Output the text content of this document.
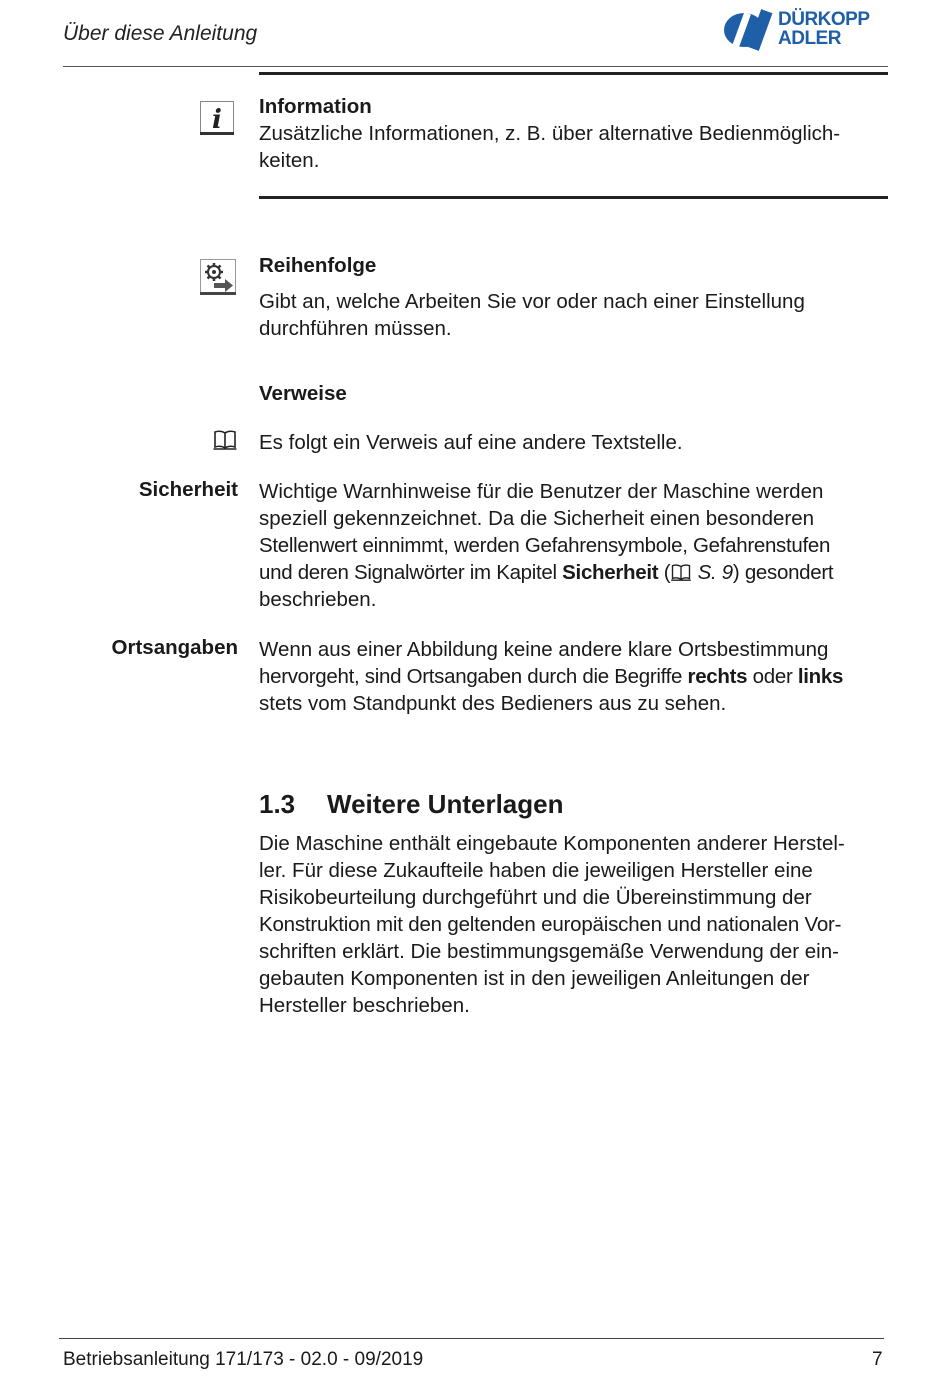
Über diese Anleitung
DÜRKOPP
ADLER
i Information
Zusätzliche Informationen, z. B. über alternative Bedienmöglich-
keiten.
Reihenfolge
Gibt an, welche Arbeiten Sie vor oder nach einer Einstellung
durchführen müssen.
Verweise
Es folgt ein Verweis auf eine andere Textstelle.
Sicherheit Wichtige Warnhinweise für die Benutzer der Maschine werden
speziell gekennzeichnet. Da die Sicherheit einen besonderen
Stellenwert einnimmt, werden Gefahrensymbole, Gefahrenstufen
und deren Signalwörter im Kapitel Sicherheit ( S. 9) gesondert
beschrieben.
Ortsangaben Wenn aus einer Abbildung keine andere klare Ortsbestimmung
hervorgeht, sind Ortsangaben durch die Begriffe rechts oder links
stets vom Standpunkt des Bedieners aus zu sehen.
1.3 Weitere Unterlagen
Die Maschine enthält eingebaute Komponenten anderer Herstel-
ler. Für diese Zukaufteile haben die jeweiligen Hersteller eine
Risikobeurteilung durchgeführt und die Übereinstimmung der
Konstruktion mit den geltenden europäischen und nationalen Vor-
schriften erklärt. Die bestimmungsgemäße Verwendung der ein-
gebauten Komponenten ist in den jeweiligen Anleitungen der
Hersteller beschrieben.
Betriebsanleitung 171/173 - 02.0 - 09/2019	7
